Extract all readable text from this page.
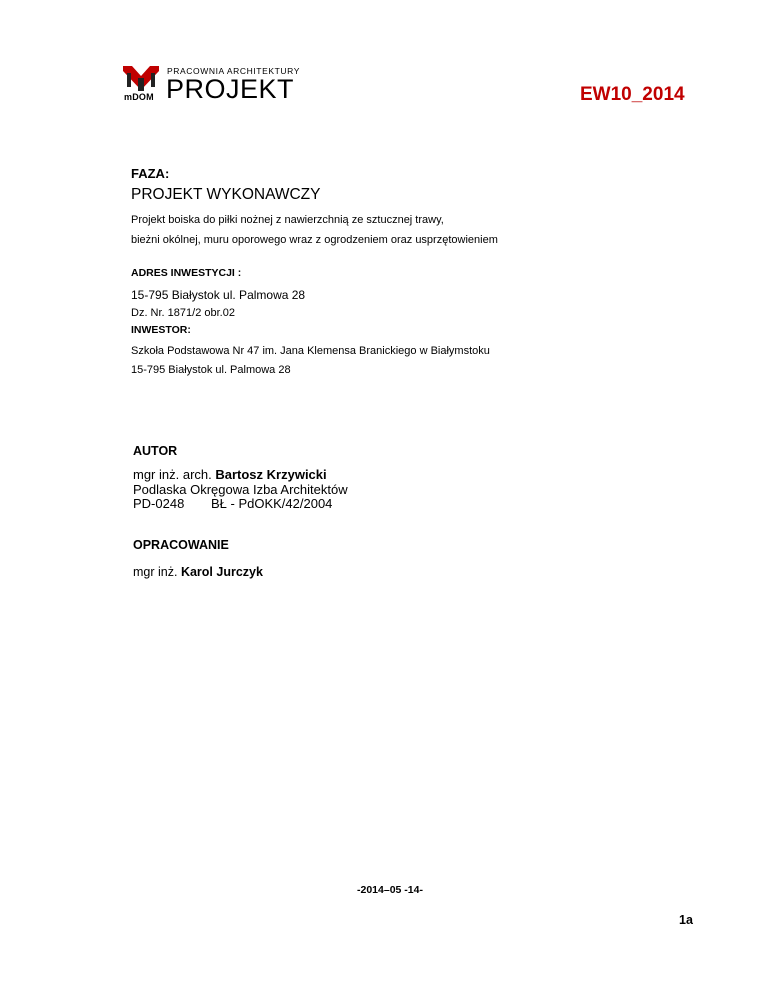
mDOM
PRACOWNIA ARCHITEKTURY
PROJEKT	EW10_2014
FAZA:
PROJEKT WYKONAWCZY
Projekt boiska do piłki nożnej z nawierzchnią ze sztucznej trawy,
bieżni okólnej, muru oporowego wraz z ogrodzeniem oraz usprzętowieniem
ADRES INWESTYCJI :
15-795 Białystok ul. Palmowa 28
Dz. Nr. 1871/2 obr.02
INWESTOR:
Szkoła Podstawowa Nr 47 im. Jana Klemensa Branickiego w Białymstoku
15-795 Białystok ul. Palmowa 28
AUTOR
mgr inż. arch. Bartosz Krzywicki
Podlaska Okręgowa Izba Architektów
PD-0248 BŁ - PdOKK/42/2004
OPRACOWANIE
mgr inż. Karol Jurczyk
-2014–05 -14-
1a
